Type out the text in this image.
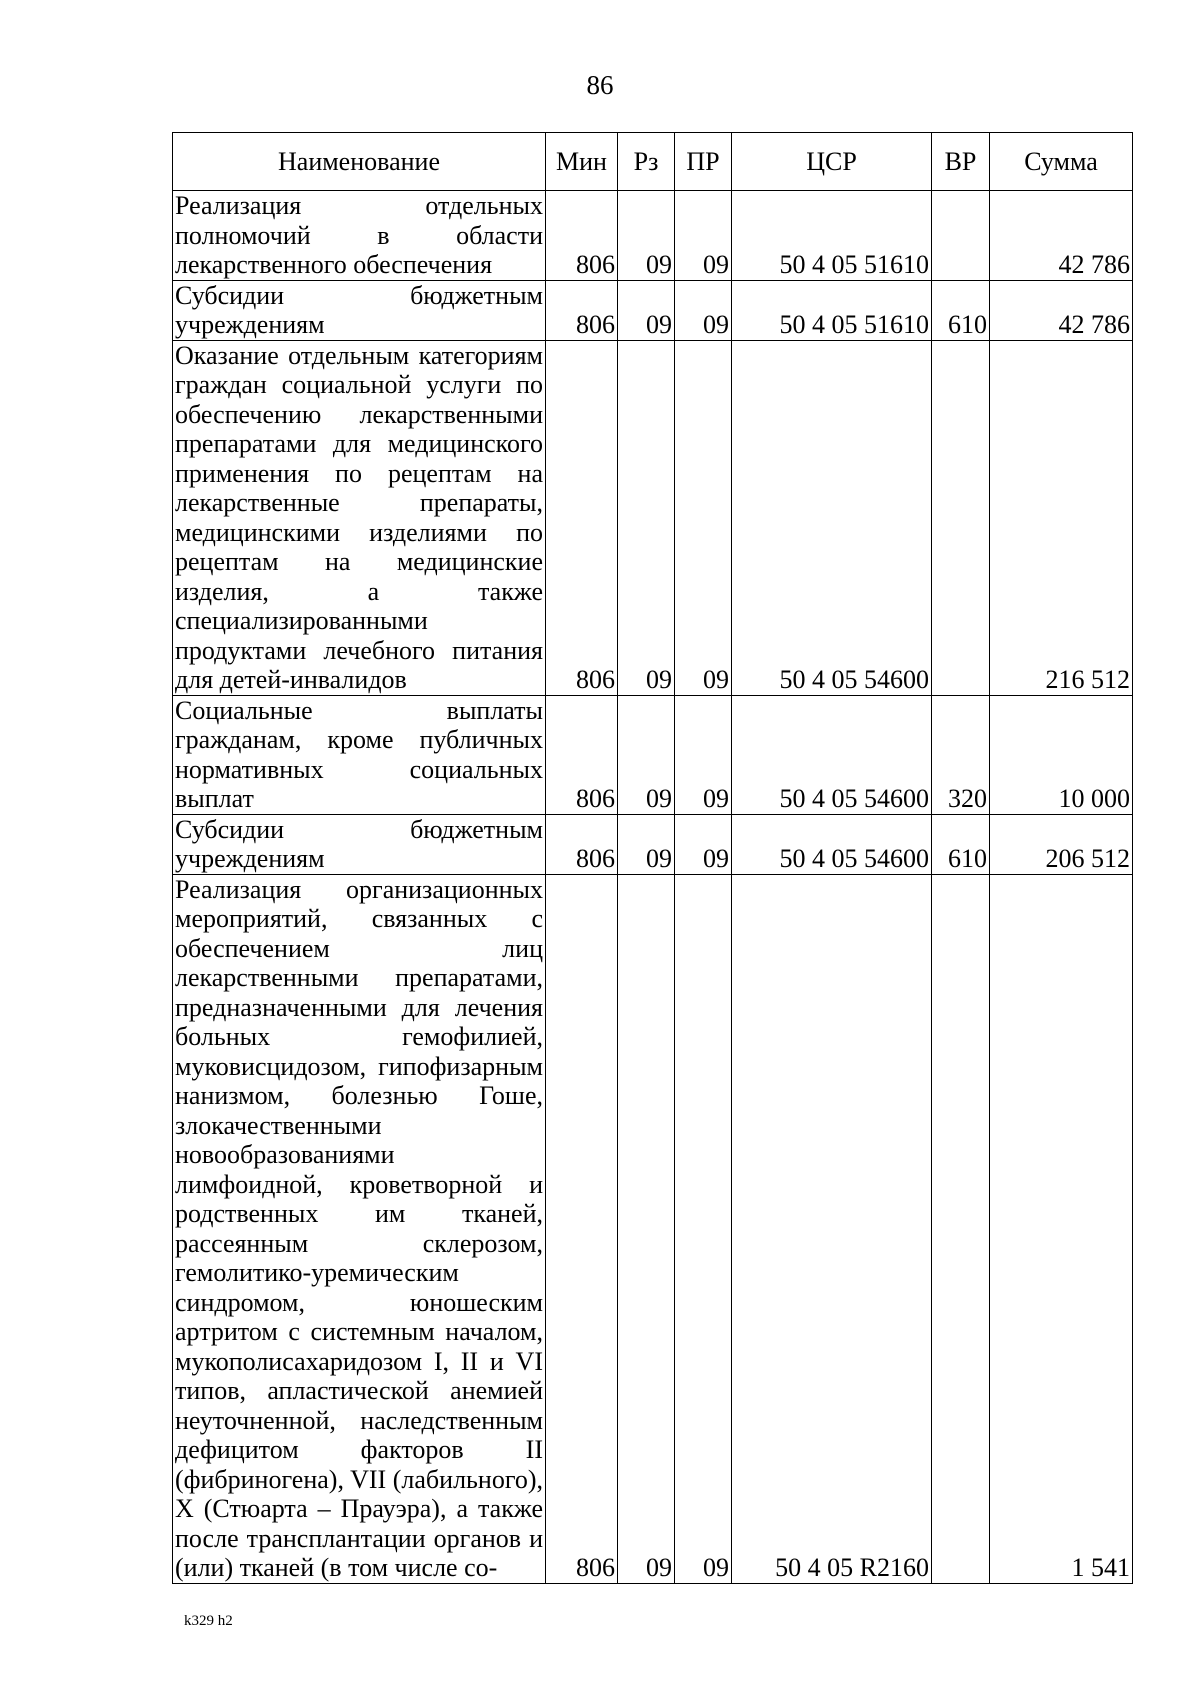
86
Наименование	Мин	Рз	ПР	ЦСР	ВР	Сумма
Реализация отдельных полномочий в области лекарственного обеспечения	806	09	09	50 4 05 51610		42 786
Субсидии бюджетным учреждениям	806	09	09	50 4 05 51610	610	42 786
Оказание отдельным категориям граждан социальной услуги по обеспечению лекарственными препаратами для медицинского применения по рецептам на лекарственные препараты, медицинскими изделиями по рецептам на медицинские изделия, а также специализированными продуктами лечебного питания для детей-инвалидов	806	09	09	50 4 05 54600		216 512
Социальные выплаты гражданам, кроме публичных нормативных социальных выплат	806	09	09	50 4 05 54600	320	10 000
Субсидии бюджетным учреждениям	806	09	09	50 4 05 54600	610	206 512
Реализация организационных мероприятий, связанных с обеспечением лиц лекарственными препаратами, предназначенными для лечения больных гемофилией, муковисцидозом, гипофизарным нанизмом, болезнью Гоше, злокачественными новообразованиями лимфоидной, кроветворной и родственных им тканей, рассеянным склерозом, гемолитико-уремическим синдромом, юношеским артритом с системным началом, мукополисахаридозом I, II и VI типов, апластической анемией неуточненной, наследственным дефицитом факторов II (фибриногена), VII (лабильного), X (Стюарта – Прауэра), а также после трансплантации органов и (или) тканей (в том числе со-	806	09	09	50 4 05 R2160		1 541
k329 h2
